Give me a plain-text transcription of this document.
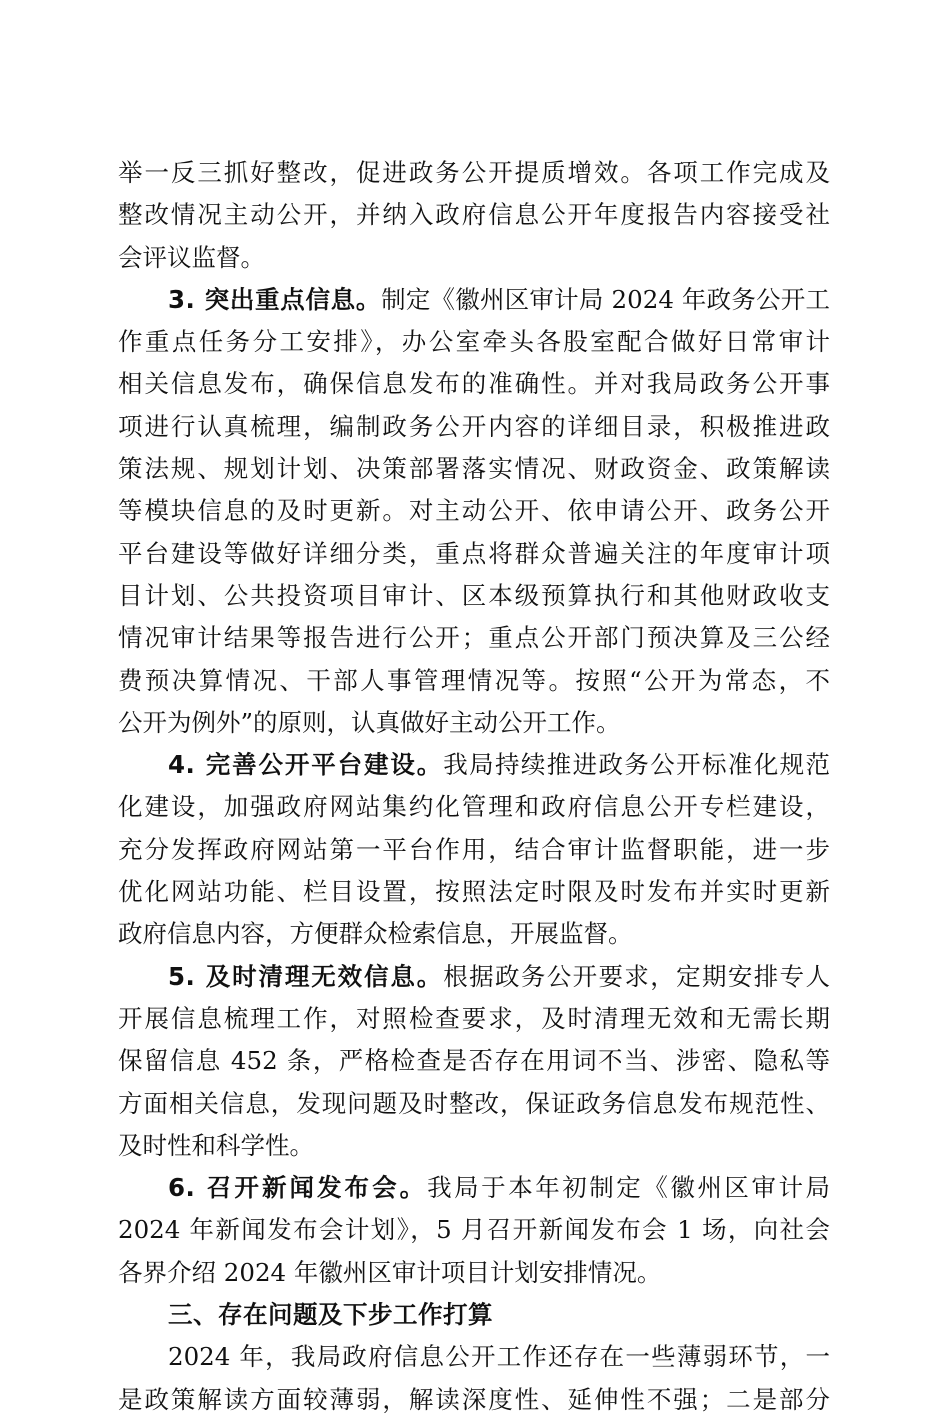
举一反三抓好整改，促进政务公开提质增效。各项工作完成及
整改情况主动公开，并纳入政府信息公开年度报告内容接受社
会评议监督。
3. 突出重点信息。制定《徽州区审计局 2024 年政务公开工
作重点任务分工安排》，办公室牵头各股室配合做好日常审计
相关信息发布，确保信息发布的准确性。并对我局政务公开事
项进行认真梳理，编制政务公开内容的详细目录，积极推进政
策法规、规划计划、决策部署落实情况、财政资金、政策解读
等模块信息的及时更新。对主动公开、依申请公开、政务公开
平台建设等做好详细分类，重点将群众普遍关注的年度审计项
目计划、公共投资项目审计、区本级预算执行和其他财政收支
情况审计结果等报告进行公开；重点公开部门预决算及三公经
费预决算情况、干部人事管理情况等。按照“公开为常态，不
公开为例外”的原则，认真做好主动公开工作。
4. 完善公开平台建设。我局持续推进政务公开标准化规范
化建设，加强政府网站集约化管理和政府信息公开专栏建设，
充分发挥政府网站第一平台作用，结合审计监督职能，进一步
优化网站功能、栏目设置，按照法定时限及时发布并实时更新
政府信息内容，方便群众检索信息，开展监督。
5. 及时清理无效信息。根据政务公开要求，定期安排专人
开展信息梳理工作，对照检查要求，及时清理无效和无需长期
保留信息 452 条，严格检查是否存在用词不当、涉密、隐私等
方面相关信息，发现问题及时整改，保证政务信息发布规范性、
及时性和科学性。
6. 召开新闻发布会。我局于本年初制定《徽州区审计局
2024 年新闻发布会计划》，5 月召开新闻发布会 1 场，向社会
各界介绍 2024 年徽州区审计项目计划安排情况。
三、存在问题及下步工作打算
2024 年，我局政府信息公开工作还存在一些薄弱环节，一
是政策解读方面较薄弱，解读深度性、延伸性不强；二是部分
